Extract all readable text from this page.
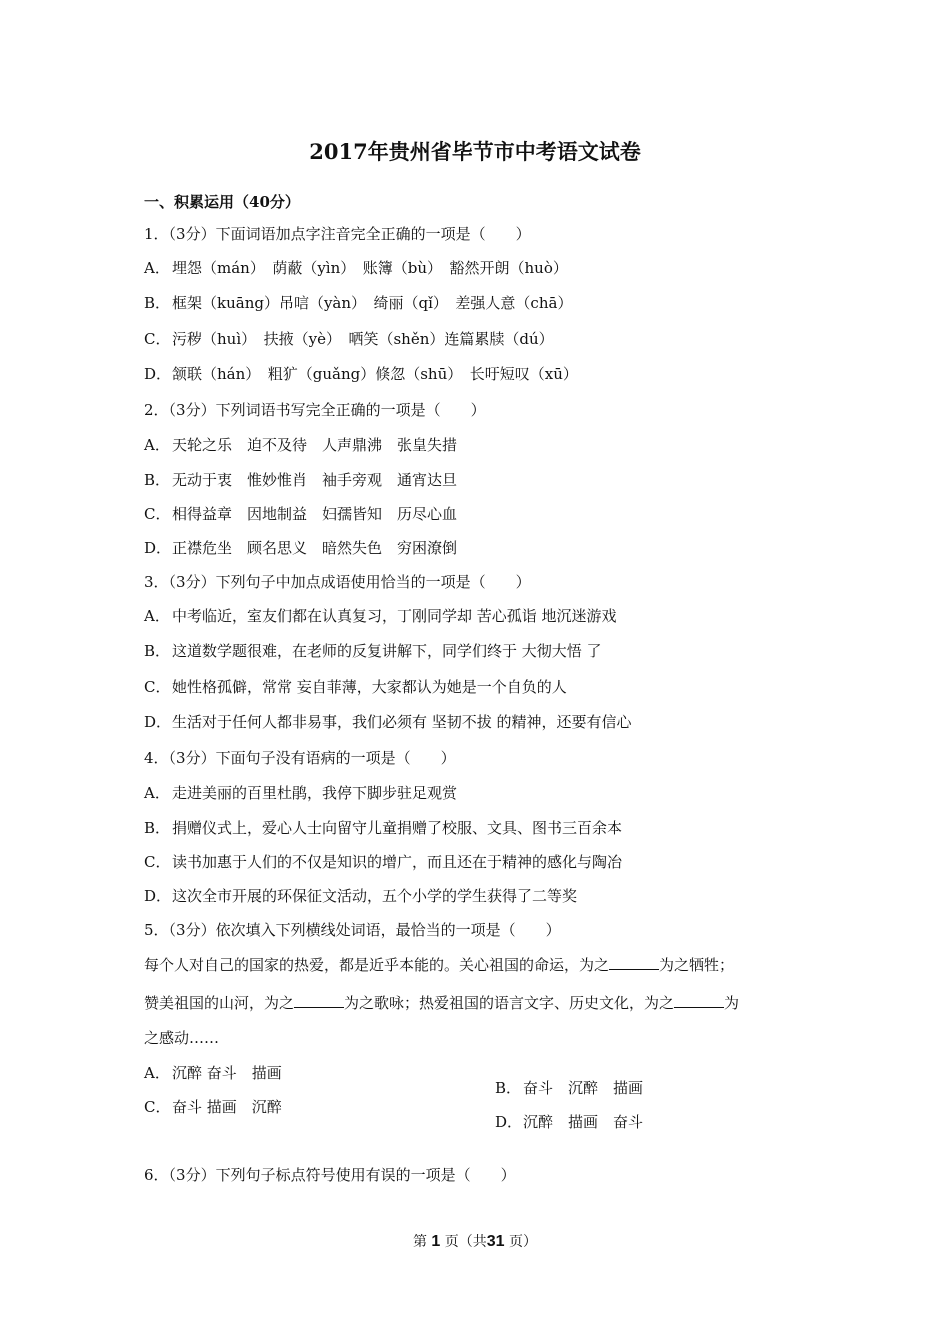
2017年贵州省毕节市中考语文试卷
一、积累运用（40分）

1．（3分）下面词语加点字注音完全正确的一项是（　　）

A． 埋怨（mán）　荫蔽（yìn）　账簿（bù）　豁然开朗（huò）

B． 框架（kuāng）吊唁（yàn）　绮丽（qǐ）　差强人意（chā）

C． 污秽（huì）　扶掖（yè）　哂笑（shěn）连篇累牍（dú）

D．颔联（hán）　粗犷（guǎng）倏忽（shū）　长吁短叹（xū）

2．（3分）下列词语书写完全正确的一项是（　　）

A． 天轮之乐　迫不及待　人声鼎沸　张皇失措

B． 无动于衷　惟妙惟肖　袖手旁观　通宵达旦

C． 相得益章　因地制益　妇孺皆知　历尽心血

D．正襟危坐　顾名思义　暗然失色　穷困潦倒

3．（3分）下列句子中加点成语使用恰当的一项是（　　）

A． 中考临近，室友们都在认真复习，丁刚同学却 苦心孤诣 地沉迷游戏

B． 这道数学题很难，在老师的反复讲解下，同学们终于 大彻大悟 了

C． 她性格孤僻，常常 妄自菲薄，大家都认为她是一个自负的人

D．生活对于任何人都非易事，我们必须有 坚韧不拔 的精神，还要有信心

4．（3分）下面句子没有语病的一项是（　　）

A． 走进美丽的百里杜鹃，我停下脚步驻足观赏

B． 捐赠仪式上，爱心人士向留守儿童捐赠了校服、文具、图书三百余本

C． 读书加惠于人们的不仅是知识的增广，而且还在于精神的感化与陶冶

D．这次全市开展的环保征文活动，五个小学的学生获得了二等奖

5．（3分）依次填入下列横线处词语，最恰当的一项是（　　）

每个人对自己的国家的热爱，都是近乎本能的。关心祖国的命运，为之	为之牺牲；

赞美祖国的山河，为之	为之歌咏；热爱祖国的语言文字、历史文化，为之	为

之感动……

A． 沉醉 奋斗　描画

B． 奋斗　沉醉　描画

C． 奋斗 描画　沉醉

D．沉醉　描画　奋斗

6．（3分）下列句子标点符号使用有误的一项是（　　）

第 1 页（共31 页）
